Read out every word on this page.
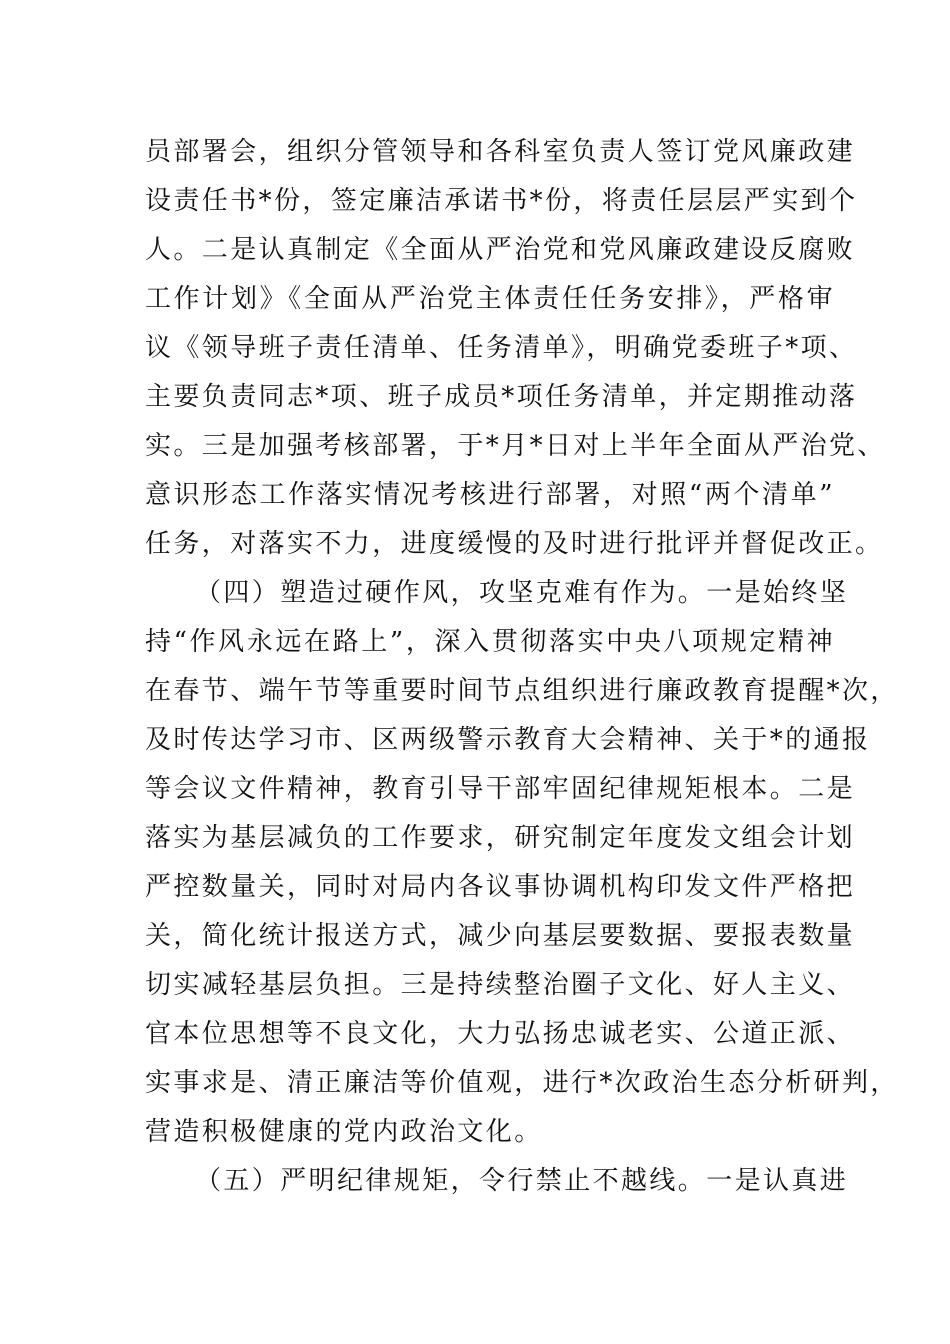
员部署会，组织分管领导和各科室负责人签订党风廉政建
设责任书*份，签定廉洁承诺书*份，将责任层层严实到个
人。二是认真制定《全面从严治党和党风廉政建设反腐败
工作计划》《全面从严治党主体责任任务安排》，严格审
议《领导班子责任清单、任务清单》，明确党委班子*项、
主要负责同志*项、班子成员*项任务清单，并定期推动落
实。三是加强考核部署，于*月*日对上半年全面从严治党、
意识形态工作落实情况考核进行部署，对照“两个清单”
任务，对落实不力，进度缓慢的及时进行批评并督促改正。
（四）塑造过硬作风，攻坚克难有作为。一是始终坚
持“作风永远在路上”，深入贯彻落实中央八项规定精神
在春节、端午节等重要时间节点组织进行廉政教育提醒*次，
及时传达学习市、区两级警示教育大会精神、关于*的通报
等会议文件精神，教育引导干部牢固纪律规矩根本。二是
落实为基层减负的工作要求，研究制定年度发文组会计划
严控数量关，同时对局内各议事协调机构印发文件严格把
关，简化统计报送方式，减少向基层要数据、要报表数量
切实减轻基层负担。三是持续整治圈子文化、好人主义、
官本位思想等不良文化，大力弘扬忠诚老实、公道正派、
实事求是、清正廉洁等价值观，进行*次政治生态分析研判，
营造积极健康的党内政治文化。
（五）严明纪律规矩，令行禁止不越线。一是认真进
